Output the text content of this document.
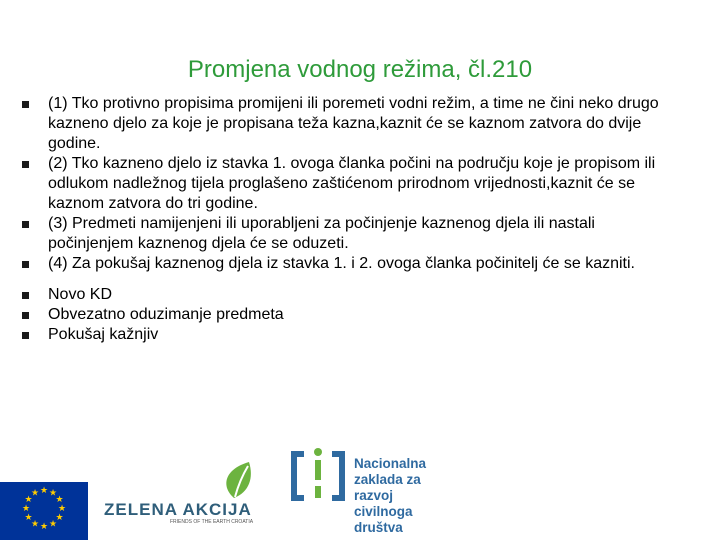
Promjena vodnog režima, čl.210
(1) Tko protivno propisima promijeni ili poremeti vodni režim, a time ne čini neko drugo kazneno djelo za koje je propisana teža kazna,kaznit će se kaznom zatvora do dvije godine.
(2) Tko kazneno djelo iz stavka 1. ovoga članka počini na području koje je propisom ili odlukom nadležnog tijela proglašeno zaštićenom prirodnom vrijednosti,kaznit će se kaznom zatvora do tri godine.
(3) Predmeti namijenjeni ili uporabljeni za počinjenje kaznenog djela ili nastali počinjenjem kaznenog djela će se oduzeti.
(4) Za pokušaj kaznenog djela iz stavka 1. i 2. ovoga članka počinitelj će se kazniti.
Novo KD
Obvezatno oduzimanje predmeta
Pokušaj kažnjiv
★ ★
★
★
★
★
★
★
★
★
★
★
ZELENA AKCIJA
FRIENDS OF THE EARTH CROATIA
Nacionalna
zaklada za
razvoj
civilnoga
društva
